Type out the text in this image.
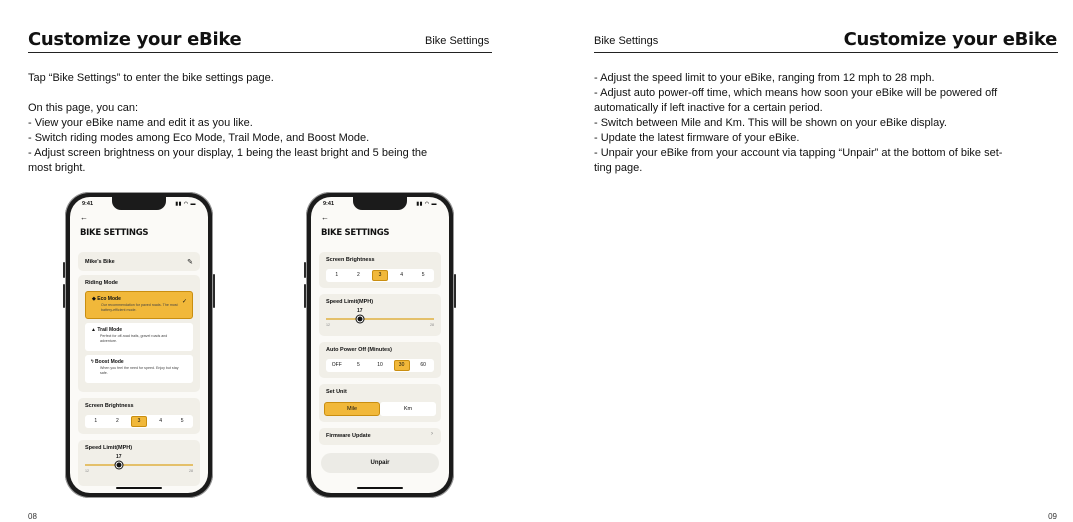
Customize your eBike	Bike Settings

Tap “Bike Settings” to enter the bike settings page.

On this page, you can:

- View your eBike name and edit it as you like.

- Switch riding modes among Eco Mode, Trail Mode, and Boost Mode.

- Adjust screen brightness on your display, 1 being the least bright and 5 being the

most bright.

9:41	▮▮ ◠ ▬
←
BIKE SETTINGS
Mike's Bike	✎
Riding Mode
◆ Eco Mode
Our recommendation for paved roads. The most battery-efficient mode.
✓
▲ Trail Mode
Perfect for off-road trails, gravel roads and adventure.
ϟ Boost Mode
When you feel the need for speed. Enjoy but stay safe.
Screen Brightness
1	2	3	4	5
Speed Limit(MPH)
17
12	28
9:41	▮▮ ◠ ▬
←
BIKE SETTINGS
Screen Brightness
1	2	3	4	5
Speed Limit(MPH)
17
12	28
Auto Power Off (Minutes)
OFF	5	10	30	60
Set Unit
Mile	Km
Firmware Update	›
Unpair
08
Bike Settings	Customize your eBike

- Adjust the speed limit to your eBike, ranging from 12 mph to 28 mph.

- Adjust auto power-off time, which means how soon your eBike will be powered off

automatically if left inactive for a certain period.

- Switch between Mile and Km. This will be shown on your eBike display.

- Update the latest firmware of your eBike.

- Unpair your eBike from your account via tapping “Unpair” at the bottom of bike set-

ting page.

09
